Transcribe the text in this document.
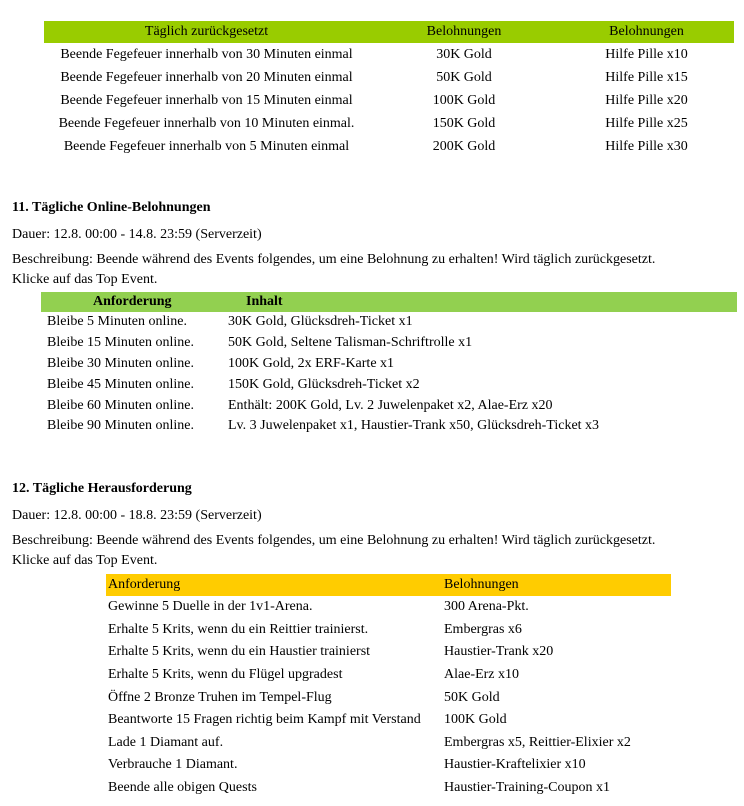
Täglich zurückgesetzt	Belohnungen	Belohnungen
Beende Fegefeuer innerhalb von 30 Minuten einmal	30K Gold	Hilfe Pille x10
Beende Fegefeuer innerhalb von 20 Minuten einmal	50K Gold	Hilfe Pille x15
Beende Fegefeuer innerhalb von 15 Minuten einmal	100K Gold	Hilfe Pille x20
Beende Fegefeuer innerhalb von 10 Minuten einmal.	150K Gold	Hilfe Pille x25
Beende Fegefeuer innerhalb von 5 Minuten einmal	200K Gold	Hilfe Pille x30
11. Tägliche Online-Belohnungen
Dauer: 12.8. 00:00 - 14.8. 23:59 (Serverzeit)
Beschreibung: Beende während des Events folgendes, um eine Belohnung zu erhalten! Wird täglich zurückgesetzt.
Klicke auf das Top Event.
Anforderung	Inhalt
Bleibe 5 Minuten online.	30K Gold, Glücksdreh-Ticket x1
Bleibe 15 Minuten online.	50K Gold, Seltene Talisman-Schriftrolle x1
Bleibe 30 Minuten online.	100K Gold, 2x ERF-Karte x1
Bleibe 45 Minuten online.	150K Gold, Glücksdreh-Ticket x2
Bleibe 60 Minuten online.	Enthält: 200K Gold, Lv. 2 Juwelenpaket x2, Alae-Erz x20
Bleibe 90 Minuten online.	Lv. 3 Juwelenpaket x1, Haustier-Trank x50, Glücksdreh-Ticket x3
12. Tägliche Herausforderung
Dauer: 12.8. 00:00 - 18.8. 23:59 (Serverzeit)
Beschreibung: Beende während des Events folgendes, um eine Belohnung zu erhalten! Wird täglich zurückgesetzt.
Klicke auf das Top Event.
Anforderung	Belohnungen
Gewinne 5 Duelle in der 1v1-Arena.	300 Arena-Pkt.
Erhalte 5 Krits, wenn du ein Reittier trainierst.	Embergras x6
Erhalte 5 Krits, wenn du ein Haustier trainierst	Haustier-Trank x20
Erhalte 5 Krits, wenn du Flügel upgradest	Alae-Erz x10
Öffne 2 Bronze Truhen im Tempel-Flug	50K Gold
Beantworte 15 Fragen richtig beim Kampf mit Verstand	100K Gold
Lade 1 Diamant auf.	Embergras x5, Reittier-Elixier x2
Verbrauche 1 Diamant.	Haustier-Kraftelixier x10
Beende alle obigen Quests	Haustier-Training-Coupon x1
